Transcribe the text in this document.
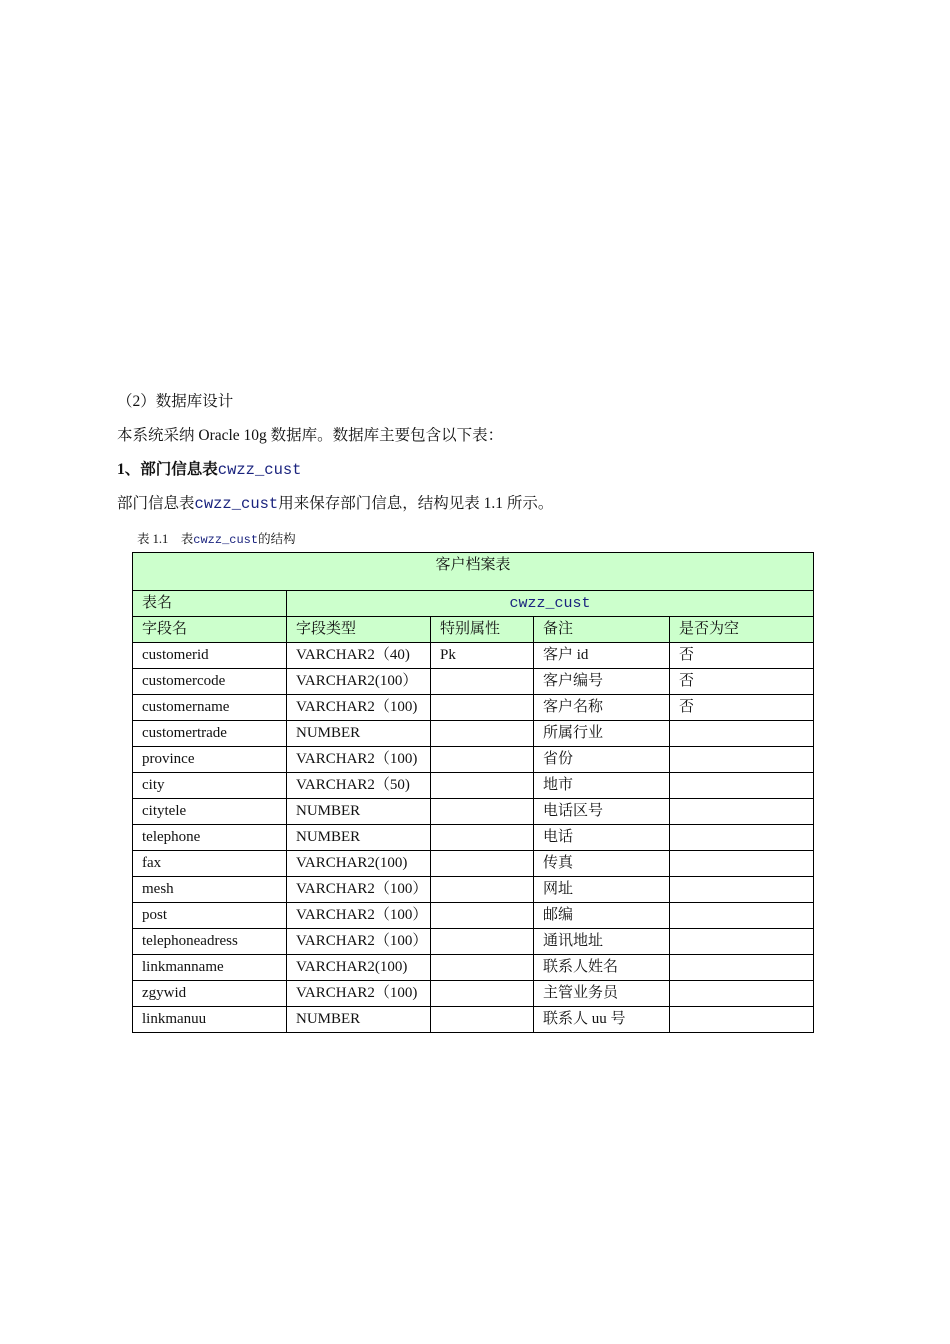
（2）数据库设计
本系统采纳 Oracle 10g 数据库。数据库主要包含以下表：
1、部门信息表cwzz_cust
部门信息表cwzz_cust用来保存部门信息，结构见表 1.1 所示。
表 1.1　表cwzz_cust的结构
客户档案表				
表名	cwzz_cust			
字段名	字段类型	特别属性	备注	是否为空
customerid	VARCHAR2（40)	Pk	客户 id	否
customercode	VARCHAR2(100）		客户编号	否
customername	VARCHAR2（100)		客户名称	否
customertrade	NUMBER		所属行业	
province	VARCHAR2（100)		省份	
city	VARCHAR2（50)		地市	
citytele	NUMBER		电话区号	
telephone	NUMBER		电话	
fax	VARCHAR2(100)		传真	
mesh	VARCHAR2（100）		网址	
post	VARCHAR2（100）		邮编	
telephoneadress	VARCHAR2（100）		通讯地址	
linkmanname	VARCHAR2(100)		联系人姓名	
zgywid	VARCHAR2（100)		主管业务员	
linkmanuu	NUMBER		联系人 uu 号	
